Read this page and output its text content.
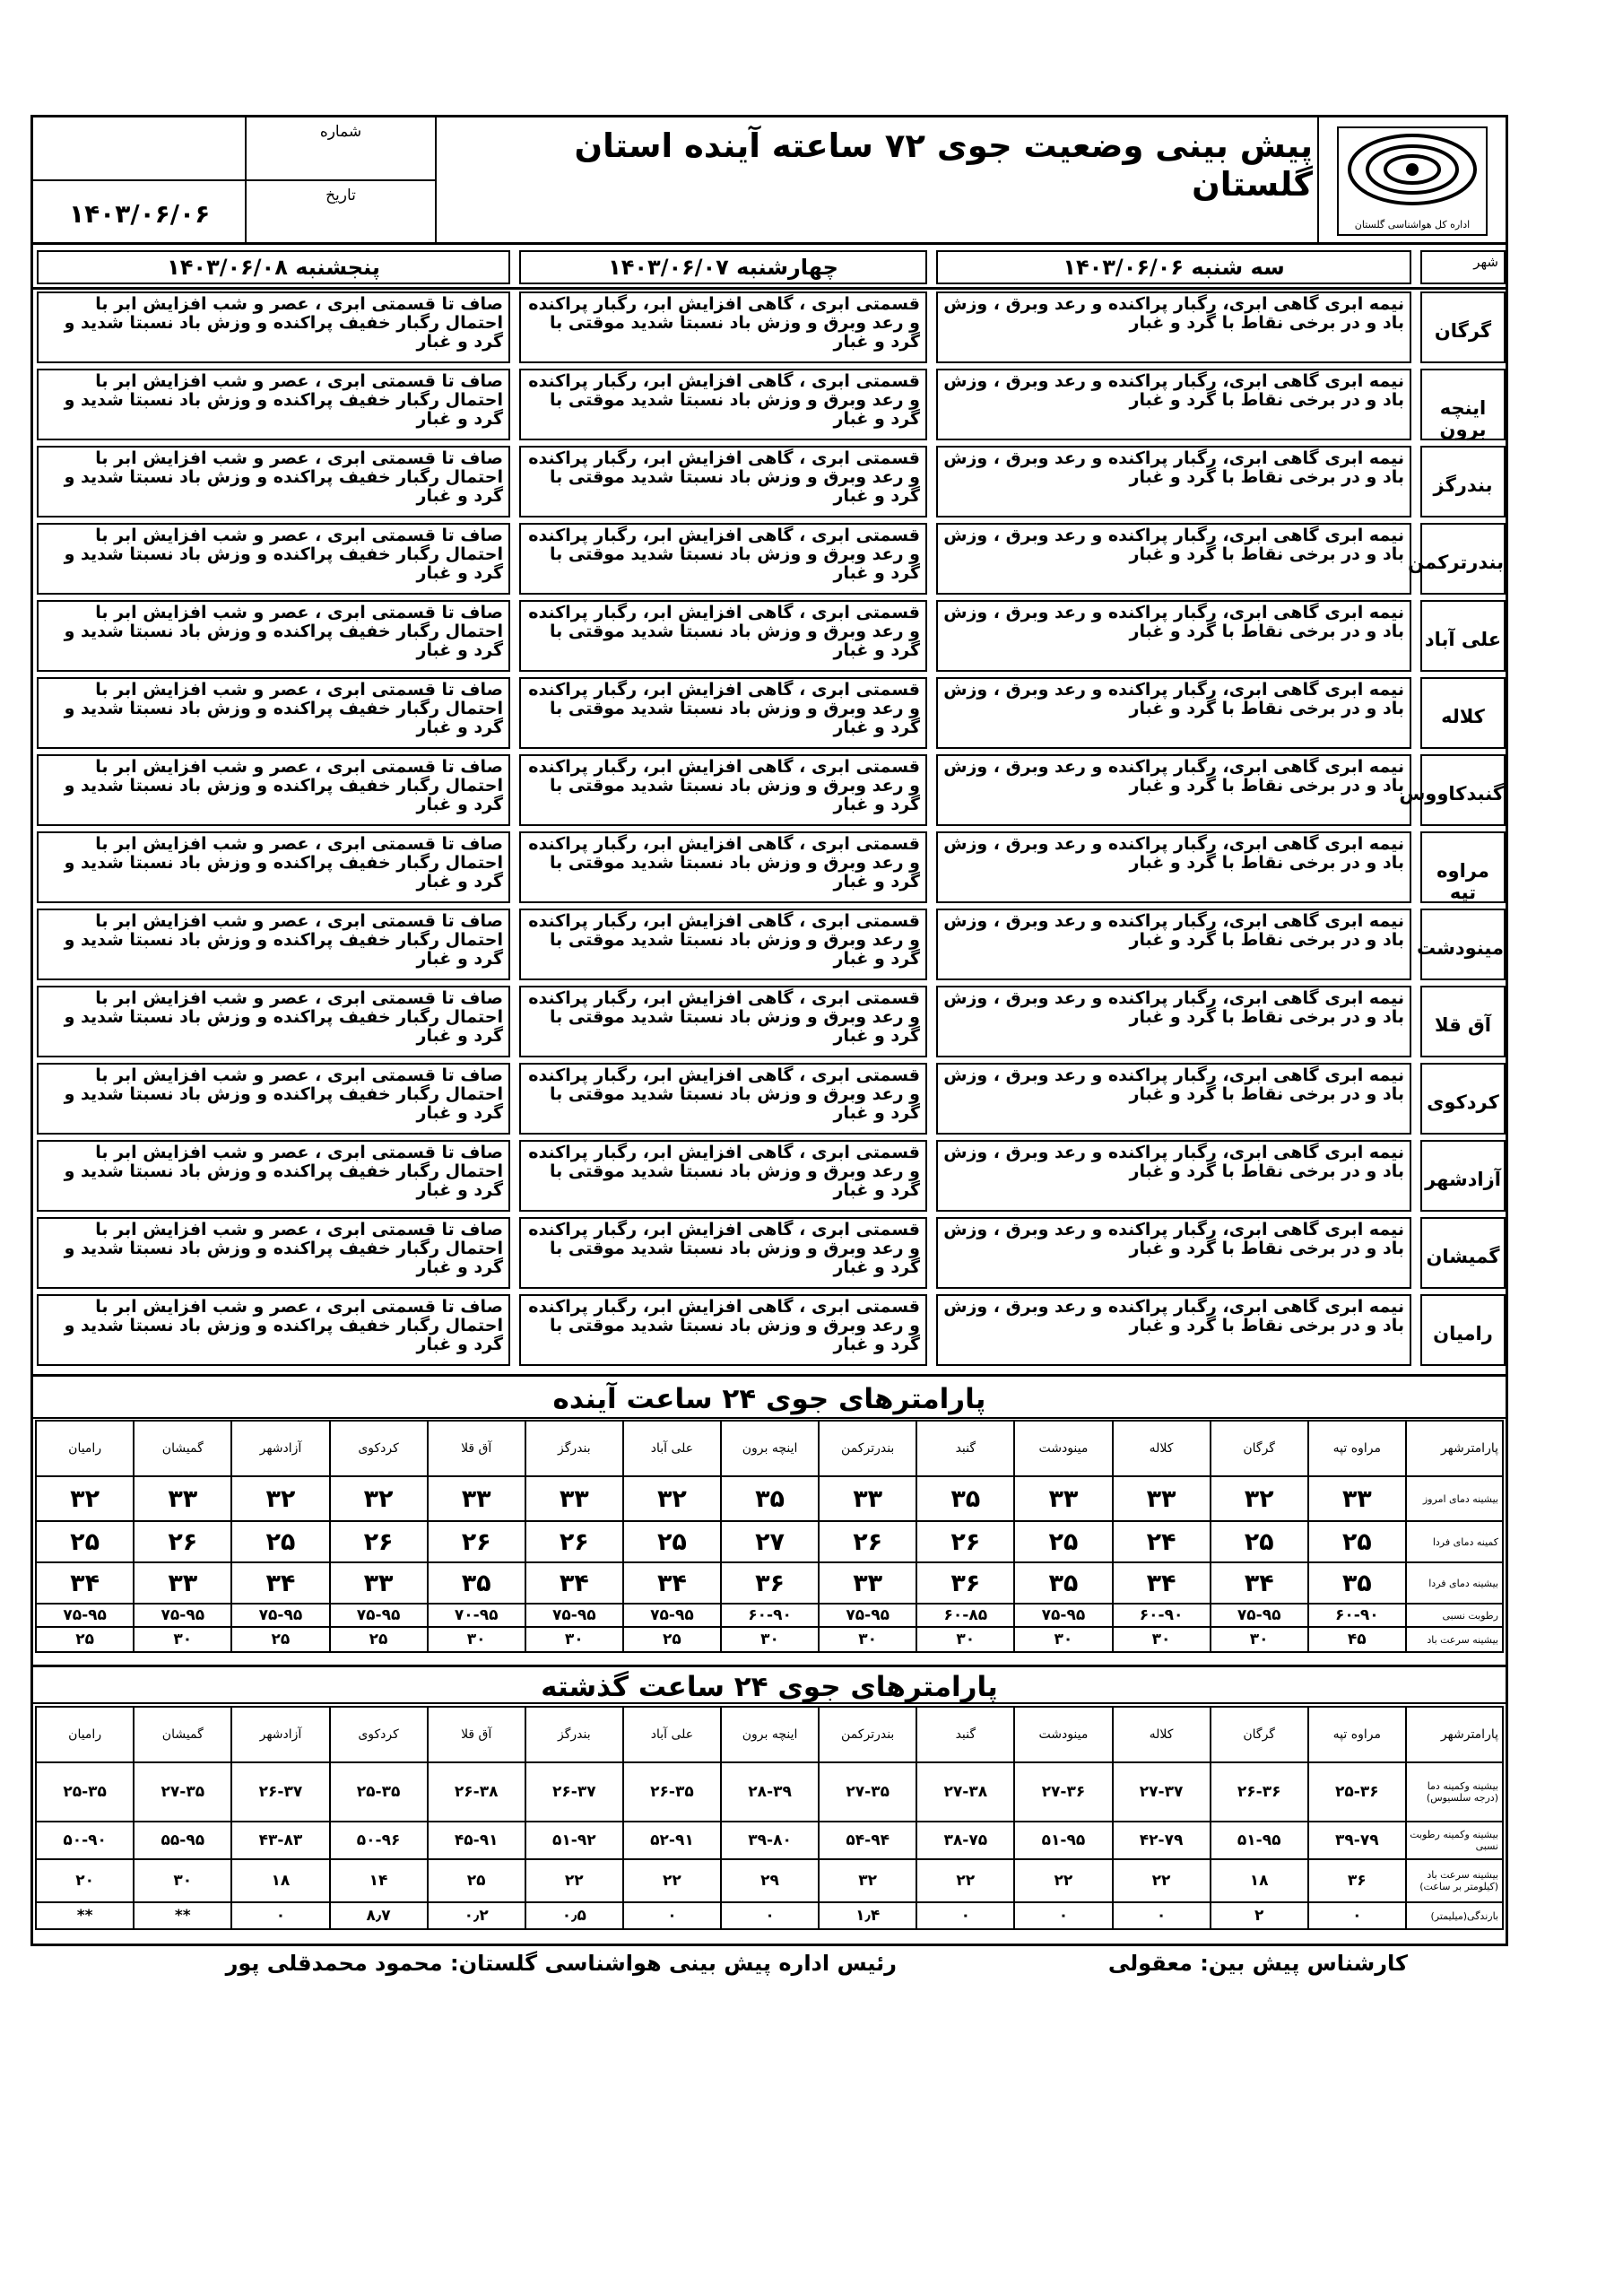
اداره کل هواشناسی گلستان
پیش بینی وضعیت جوی ۷۲ ساعته آینده استان گلستان
شماره
تاریخ
۱۴۰۳/۰۶/۰۶
شهر
سه شنبه ۱۴۰۳/۰۶/۰۶
چهارشنبه ۱۴۰۳/۰۶/۰۷
پنجشنبه ۱۴۰۳/۰۶/۰۸
گرگان
نیمه ابری گاهی ابری، رگبار پراکنده و رعد وبرق ، وزش باد و در برخی نقاط با گرد و غبار
قسمتی ابری ، گاهی افزایش ابر، رگبار پراکنده و رعد وبرق و وزش باد نسبتا شدید موقتی با گرد و غبار
صاف تا قسمتی ابری ، عصر و شب افزایش ابر با احتمال رگبار خفیف پراکنده و وزش باد نسبتا شدید و گرد و غبار
اینچه برون
نیمه ابری گاهی ابری، رگبار پراکنده و رعد وبرق ، وزش باد و در برخی نقاط با گرد و غبار
قسمتی ابری ، گاهی افزایش ابر، رگبار پراکنده و رعد وبرق و وزش باد نسبتا شدید موقتی با گرد و غبار
صاف تا قسمتی ابری ، عصر و شب افزایش ابر با احتمال رگبار خفیف پراکنده و وزش باد نسبتا شدید و گرد و غبار
بندرگز
نیمه ابری گاهی ابری، رگبار پراکنده و رعد وبرق ، وزش باد و در برخی نقاط با گرد و غبار
قسمتی ابری ، گاهی افزایش ابر، رگبار پراکنده و رعد وبرق و وزش باد نسبتا شدید موقتی با گرد و غبار
صاف تا قسمتی ابری ، عصر و شب افزایش ابر با احتمال رگبار خفیف پراکنده و وزش باد نسبتا شدید و گرد و غبار
بندرترکمن
نیمه ابری گاهی ابری، رگبار پراکنده و رعد وبرق ، وزش باد و در برخی نقاط با گرد و غبار
قسمتی ابری ، گاهی افزایش ابر، رگبار پراکنده و رعد وبرق و وزش باد نسبتا شدید موقتی با گرد و غبار
صاف تا قسمتی ابری ، عصر و شب افزایش ابر با احتمال رگبار خفیف پراکنده و وزش باد نسبتا شدید و گرد و غبار
علی آباد
نیمه ابری گاهی ابری، رگبار پراکنده و رعد وبرق ، وزش باد و در برخی نقاط با گرد و غبار
قسمتی ابری ، گاهی افزایش ابر، رگبار پراکنده و رعد وبرق و وزش باد نسبتا شدید موقتی با گرد و غبار
صاف تا قسمتی ابری ، عصر و شب افزایش ابر با احتمال رگبار خفیف پراکنده و وزش باد نسبتا شدید و گرد و غبار
کلاله
نیمه ابری گاهی ابری، رگبار پراکنده و رعد وبرق ، وزش باد و در برخی نقاط با گرد و غبار
قسمتی ابری ، گاهی افزایش ابر، رگبار پراکنده و رعد وبرق و وزش باد نسبتا شدید موقتی با گرد و غبار
صاف تا قسمتی ابری ، عصر و شب افزایش ابر با احتمال رگبار خفیف پراکنده و وزش باد نسبتا شدید و گرد و غبار
گنبدکاووس
نیمه ابری گاهی ابری، رگبار پراکنده و رعد وبرق ، وزش باد و در برخی نقاط با گرد و غبار
قسمتی ابری ، گاهی افزایش ابر، رگبار پراکنده و رعد وبرق و وزش باد نسبتا شدید موقتی با گرد و غبار
صاف تا قسمتی ابری ، عصر و شب افزایش ابر با احتمال رگبار خفیف پراکنده و وزش باد نسبتا شدید و گرد و غبار
مراوه تپه
نیمه ابری گاهی ابری، رگبار پراکنده و رعد وبرق ، وزش باد و در برخی نقاط با گرد و غبار
قسمتی ابری ، گاهی افزایش ابر، رگبار پراکنده و رعد وبرق و وزش باد نسبتا شدید موقتی با گرد و غبار
صاف تا قسمتی ابری ، عصر و شب افزایش ابر با احتمال رگبار خفیف پراکنده و وزش باد نسبتا شدید و گرد و غبار
مینودشت
نیمه ابری گاهی ابری، رگبار پراکنده و رعد وبرق ، وزش باد و در برخی نقاط با گرد و غبار
قسمتی ابری ، گاهی افزایش ابر، رگبار پراکنده و رعد وبرق و وزش باد نسبتا شدید موقتی با گرد و غبار
صاف تا قسمتی ابری ، عصر و شب افزایش ابر با احتمال رگبار خفیف پراکنده و وزش باد نسبتا شدید و گرد و غبار
آق قلا
نیمه ابری گاهی ابری، رگبار پراکنده و رعد وبرق ، وزش باد و در برخی نقاط با گرد و غبار
قسمتی ابری ، گاهی افزایش ابر، رگبار پراکنده و رعد وبرق و وزش باد نسبتا شدید موقتی با گرد و غبار
صاف تا قسمتی ابری ، عصر و شب افزایش ابر با احتمال رگبار خفیف پراکنده و وزش باد نسبتا شدید و گرد و غبار
کردکوی
نیمه ابری گاهی ابری، رگبار پراکنده و رعد وبرق ، وزش باد و در برخی نقاط با گرد و غبار
قسمتی ابری ، گاهی افزایش ابر، رگبار پراکنده و رعد وبرق و وزش باد نسبتا شدید موقتی با گرد و غبار
صاف تا قسمتی ابری ، عصر و شب افزایش ابر با احتمال رگبار خفیف پراکنده و وزش باد نسبتا شدید و گرد و غبار
آزادشهر
نیمه ابری گاهی ابری، رگبار پراکنده و رعد وبرق ، وزش باد و در برخی نقاط با گرد و غبار
قسمتی ابری ، گاهی افزایش ابر، رگبار پراکنده و رعد وبرق و وزش باد نسبتا شدید موقتی با گرد و غبار
صاف تا قسمتی ابری ، عصر و شب افزایش ابر با احتمال رگبار خفیف پراکنده و وزش باد نسبتا شدید و گرد و غبار
گمیشان
نیمه ابری گاهی ابری، رگبار پراکنده و رعد وبرق ، وزش باد و در برخی نقاط با گرد و غبار
قسمتی ابری ، گاهی افزایش ابر، رگبار پراکنده و رعد وبرق و وزش باد نسبتا شدید موقتی با گرد و غبار
صاف تا قسمتی ابری ، عصر و شب افزایش ابر با احتمال رگبار خفیف پراکنده و وزش باد نسبتا شدید و گرد و غبار
رامیان
نیمه ابری گاهی ابری، رگبار پراکنده و رعد وبرق ، وزش باد و در برخی نقاط با گرد و غبار
قسمتی ابری ، گاهی افزایش ابر، رگبار پراکنده و رعد وبرق و وزش باد نسبتا شدید موقتی با گرد و غبار
صاف تا قسمتی ابری ، عصر و شب افزایش ابر با احتمال رگبار خفیف پراکنده و وزش باد نسبتا شدید و گرد و غبار
پارامترهای جوی ۲۴ ساعت آینده
پارامترشهر	مراوه تپه	گرگان	کلاله	مینودشت	گنبد	بندرترکمن	اینچه برون	علی آباد	بندرگز	آق قلا	کردکوی	آزادشهر	گمیشان	رامیان
بیشینه دمای امروز	۳۳	۳۲	۳۳	۳۳	۳۵	۳۳	۳۵	۳۲	۳۳	۳۳	۳۲	۳۲	۳۳	۳۲
کمینه دمای فردا	۲۵	۲۵	۲۴	۲۵	۲۶	۲۶	۲۷	۲۵	۲۶	۲۶	۲۶	۲۵	۲۶	۲۵
بیشینه دمای فردا	۳۵	۳۴	۳۴	۳۵	۳۶	۳۳	۳۶	۳۴	۳۴	۳۵	۳۳	۳۴	۳۳	۳۴
رطوبت نسبی	۶۰-۹۰	۷۵-۹۵	۶۰-۹۰	۷۵-۹۵	۶۰-۸۵	۷۵-۹۵	۶۰-۹۰	۷۵-۹۵	۷۵-۹۵	۷۰-۹۵	۷۵-۹۵	۷۵-۹۵	۷۵-۹۵	۷۵-۹۵
بیشینه سرعت باد	۴۵	۳۰	۳۰	۳۰	۳۰	۳۰	۳۰	۲۵	۳۰	۳۰	۲۵	۲۵	۳۰	۲۵
پارامترهای جوی ۲۴ ساعت گذشته
پارامترشهر	مراوه تپه	گرگان	کلاله	مینودشت	گنبد	بندرترکمن	اینچه برون	علی آباد	بندرگز	آق قلا	کردکوی	آزادشهر	گمیشان	رامیان
بیشینه وکمینه دما (درجه سلسیوس)	۲۵-۳۶	۲۶-۳۶	۲۷-۳۷	۲۷-۳۶	۲۷-۳۸	۲۷-۳۵	۲۸-۳۹	۲۶-۳۵	۲۶-۳۷	۲۶-۳۸	۲۵-۳۵	۲۶-۳۷	۲۷-۳۵	۲۵-۳۵
بیشینه وکمینه رطوبت نسبی	۳۹-۷۹	۵۱-۹۵	۴۲-۷۹	۵۱-۹۵	۳۸-۷۵	۵۴-۹۴	۳۹-۸۰	۵۲-۹۱	۵۱-۹۲	۴۵-۹۱	۵۰-۹۶	۴۳-۸۳	۵۵-۹۵	۵۰-۹۰
بیشینه سرعت باد (کیلومتر بر ساعت)	۳۶	۱۸	۲۲	۲۲	۲۲	۳۲	۲۹	۲۲	۲۲	۲۵	۱۴	۱۸	۳۰	۲۰
بارندگی(میلیمتر)	۰	۲	۰	۰	۰	۱٫۴	۰	۰	۰٫۵	۰٫۲	۸٫۷	۰	**	**
کارشناس پیش بین: معقولی
رئیس اداره پیش بینی هواشناسی گلستان: محمود محمدقلی پور
